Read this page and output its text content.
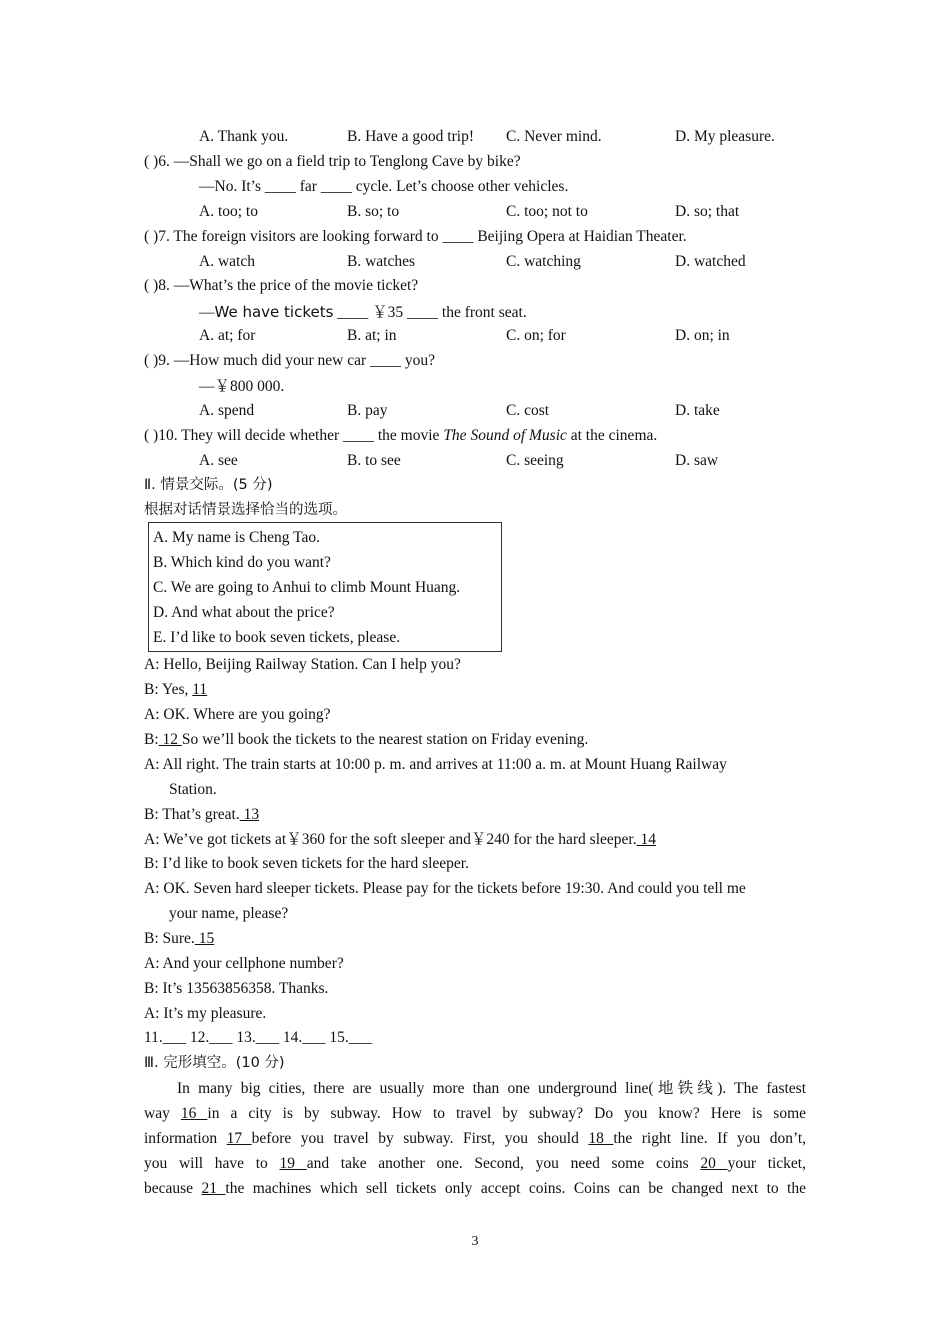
A. Thank you.	B. Have a good trip! C. Never mind.	D. My pleasure.
( )6. —Shall we go on a field trip to Tenglong Cave by bike?
—No. It’s ____ far ____ cycle. Let’s choose other vehicles.
A. too; to	B. so; to	C. too; not to	D. so; that
( )7. The foreign visitors are looking forward to ____ Beijing Opera at Haidian Theater.
A. watch	B. watches	C. watching	D. watched
( )8. —What’s the price of the movie ticket?
—We have tickets ____ ￥35 ____ the front seat.
A. at; for	B. at; in	C. on; for	D. on; in
( )9. —How much did your new car ____ you?
—￥800 000.
A. spend	B. pay	C. cost	D. take
( )10. They will decide whether ____ the movie The Sound of Music at the cinema.
A. see	B. to see	C. seeing	D. saw
Ⅱ. 情景交际。(5 分)
根据对话情景选择恰当的选项。
A. My name is Cheng Tao.
B. Which kind do you want?
C. We are going to Anhui to climb Mount Huang.
D. And what about the price?
E. I’d like to book seven tickets, please.
A: Hello, Beijing Railway Station. Can I help you?
B: Yes, 11
A: OK. Where are you going?
B: 12 So we’ll book the tickets to the nearest station on Friday evening.
A: All right. The train starts at 10:00 p. m. and arrives at 11:00 a. m. at Mount Huang Railway
Station.
B: That’s great. 13
A: We’ve got tickets at￥360 for the soft sleeper and￥240 for the hard sleeper. 14
B: I’d like to book seven tickets for the hard sleeper.
A: OK. Seven hard sleeper tickets. Please pay for the tickets before 19:30. And could you tell me
your name, please?
B: Sure. 15
A: And your cellphone number?
B: It’s 13563856358. Thanks.
A: It’s my pleasure.
11.___ 12.___ 13.___ 14.___ 15.___
Ⅲ. 完形填空。(10 分)
In many big cities, there are usually more than one underground line(地铁线). The fastest
way 16 in a city is by subway. How to travel by subway? Do you know? Here is some
information 17 before you travel by subway. First, you should 18 the right line. If you don’t,
you will have to 19 and take another one. Second, you need some coins 20 your ticket,
because 21 the machines which sell tickets only accept coins. Coins can be changed next to the
3
